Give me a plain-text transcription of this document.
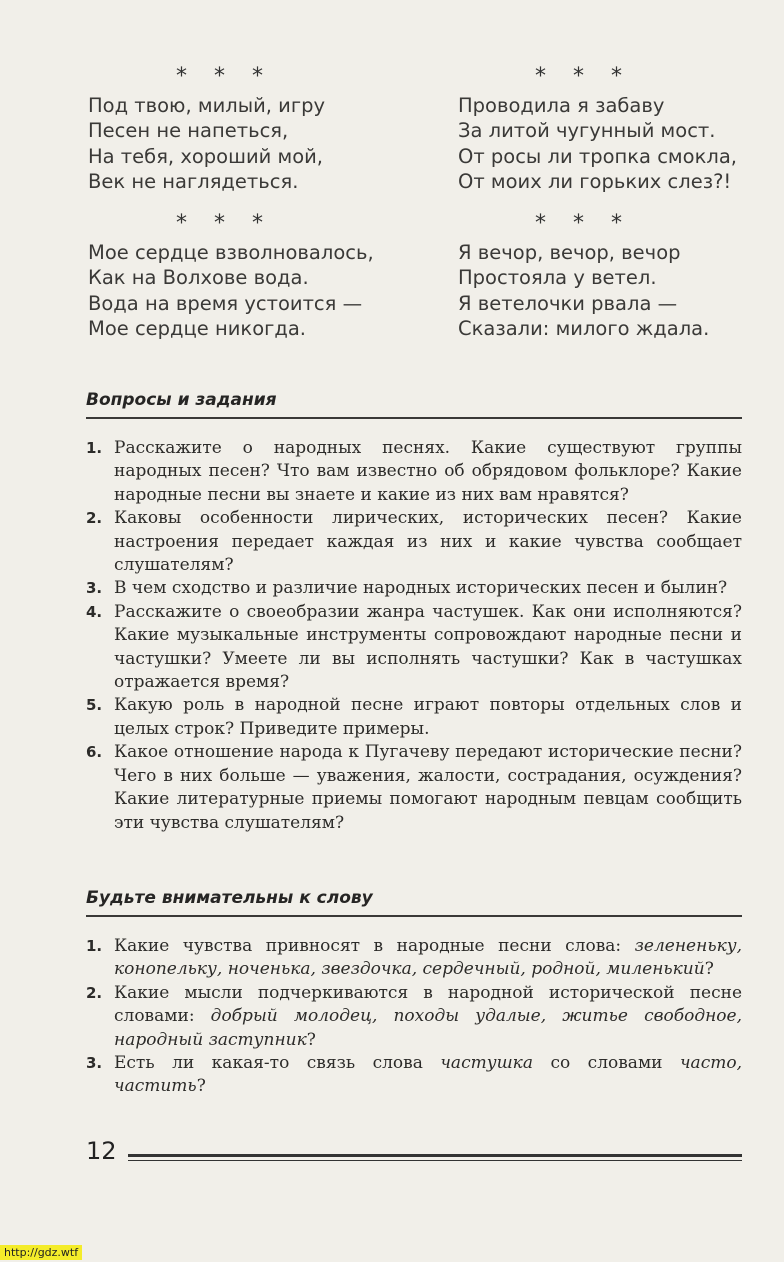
* * *
Под твою, милый, игру
Песен не напеться,
На тебя, хороший мой,
Век не наглядеться.
* * *
Проводила я забаву
За литой чугунный мост.
От росы ли тропка смокла,
От моих ли горьких слез?!
* * *
Мое сердце взволновалось,
Как на Волхове вода.
Вода на время устоится —
Мое сердце никогда.
* * *
Я вечор, вечор, вечор
Простояла у ветел.
Я ветелочки рвала —
Сказали: милого ждала.
Вопросы и задания
1. Расскажите о народных песнях. Какие существуют группы народных песен? Что вам известно об обрядовом фольклоре? Какие народные песни вы знаете и какие из них вам нравятся?
2. Каковы особенности лирических, исторических песен? Какие настроения передает каждая из них и какие чувства сообщает слушателям?
3. В чем сходство и различие народных исторических песен и былин?
4. Расскажите о своеобразии жанра частушек. Как они исполняются? Какие музыкальные инструменты сопровождают народные песни и частушки? Умеете ли вы исполнять частушки? Как в частушках отражается время?
5. Какую роль в народной песне играют повторы отдельных слов и целых строк? Приведите примеры.
6. Какое отношение народа к Пугачеву передают исторические песни? Чего в них больше — уважения, жалости, сострадания, осуждения? Какие литературные приемы помогают народным певцам сообщить эти чувства слушателям?
Будьте внимательны к слову
1. Какие чувства привносят в народные песни слова: зелененьку, конопельку, ноченька, звездочка, сердечный, родной, миленький?
2. Какие мысли подчеркиваются в народной исторической песне словами: добрый молодец, походы удалые, житье свободное, народный заступник?
3. Есть ли какая-то связь слова частушка со словами часто, частить?
12
http://gdz.wtf
